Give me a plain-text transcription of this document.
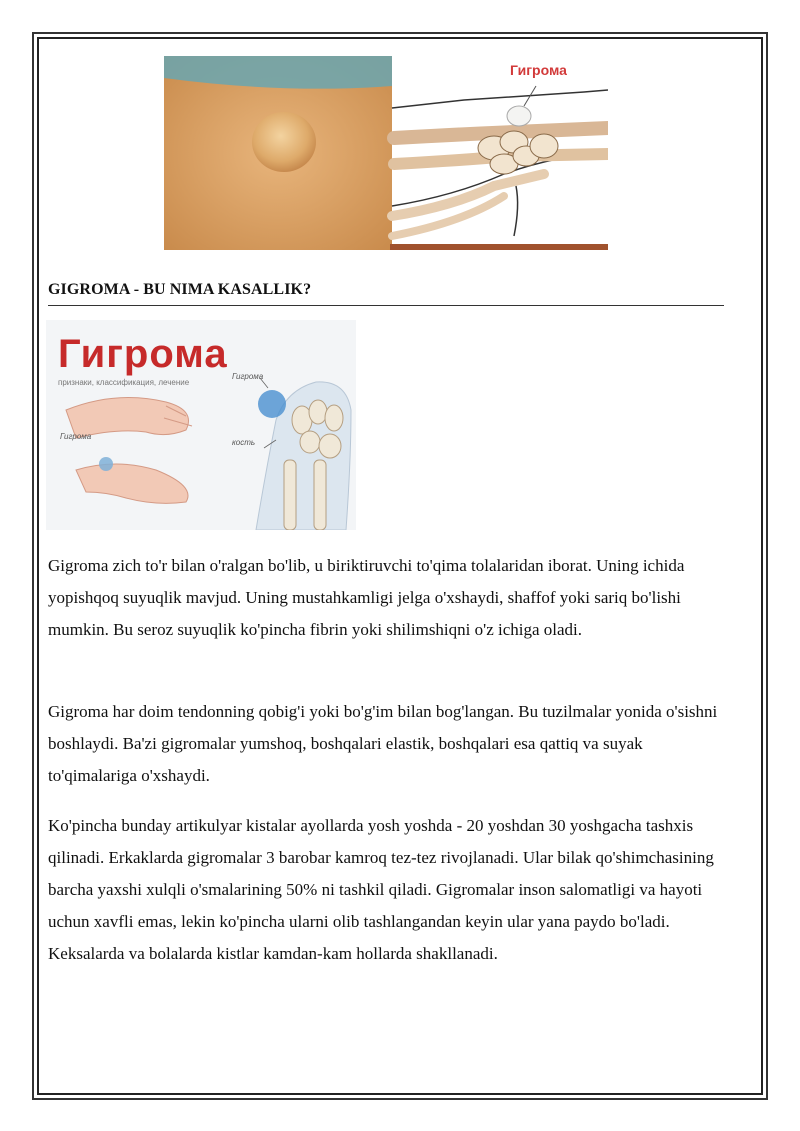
Гигрома
GIGROMA - BU NIMA KASALLIK?
Гигрома
признаки, классификация, лечение
Гигрома
Гигрома
кость

Gigroma zich to'r bilan o'ralgan bo'lib, u biriktiruvchi to'qima tolalaridan iborat. Uning ichida yopishqoq suyuqlik mavjud. Uning mustahkamligi jelga o'xshaydi, shaffof yoki sariq bo'lishi mumkin. Bu seroz suyuqlik ko'pincha fibrin yoki shilimshiqni o'z ichiga oladi.

Gigroma har doim tendonning qobig'i yoki bo'g'im bilan bog'langan. Bu tuzilmalar yonida o'sishni boshlaydi. Ba'zi gigromalar yumshoq, boshqalari elastik, boshqalari esa qattiq va suyak to'qimalariga o'xshaydi.

Ko'pincha bunday artikulyar kistalar ayollarda yosh yoshda - 20 yoshdan 30 yoshgacha tashxis qilinadi. Erkaklarda gigromalar 3 barobar kamroq tez-tez rivojlanadi. Ular bilak qo'shimchasining barcha yaxshi xulqli o'smalarining 50% ni tashkil qiladi. Gigromalar inson salomatligi va hayoti uchun xavfli emas, lekin ko'pincha ularni olib tashlangandan keyin ular yana paydo bo'ladi. Keksalarda va bolalarda kistlar kamdan-kam hollarda shakllanadi.
